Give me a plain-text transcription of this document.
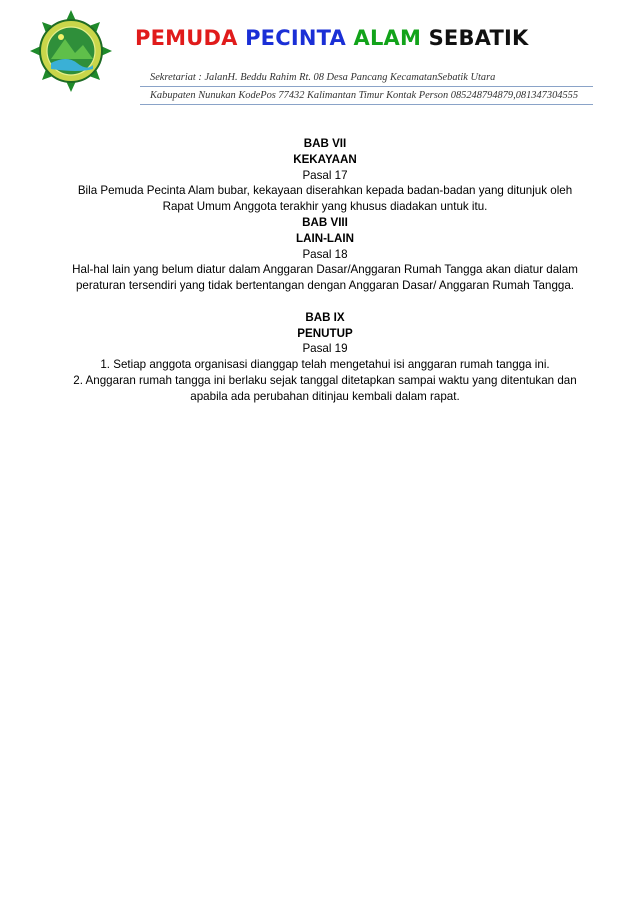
PEMUDA PECINTA ALAM SEBATIK
Sekretariat : JalanH. Beddu Rahim Rt. 08 Desa Pancang KecamatanSebatik Utara
Kabupaten Nunukan KodePos 77432 Kalimantan Timur Kontak Person 085248794879,081347304555

BAB VII

KEKAYAAN

Pasal 17

Bila Pemuda Pecinta Alam bubar, kekayaan diserahkan kepada badan-badan yang ditunjuk oleh

Rapat Umum Anggota terakhir yang khusus diadakan untuk itu.

BAB VIII

LAIN-LAIN

Pasal 18

Hal-hal lain yang belum diatur dalam Anggaran Dasar/Anggaran Rumah Tangga akan diatur dalam

peraturan tersendiri yang tidak bertentangan dengan Anggaran Dasar/ Anggaran Rumah Tangga.

BAB IX

PENUTUP

Pasal 19

1. Setiap anggota organisasi dianggap telah mengetahui isi anggaran rumah tangga ini.

2. Anggaran rumah tangga ini berlaku sejak tanggal ditetapkan sampai waktu yang ditentukan dan

apabila ada perubahan ditinjau kembali dalam rapat.
